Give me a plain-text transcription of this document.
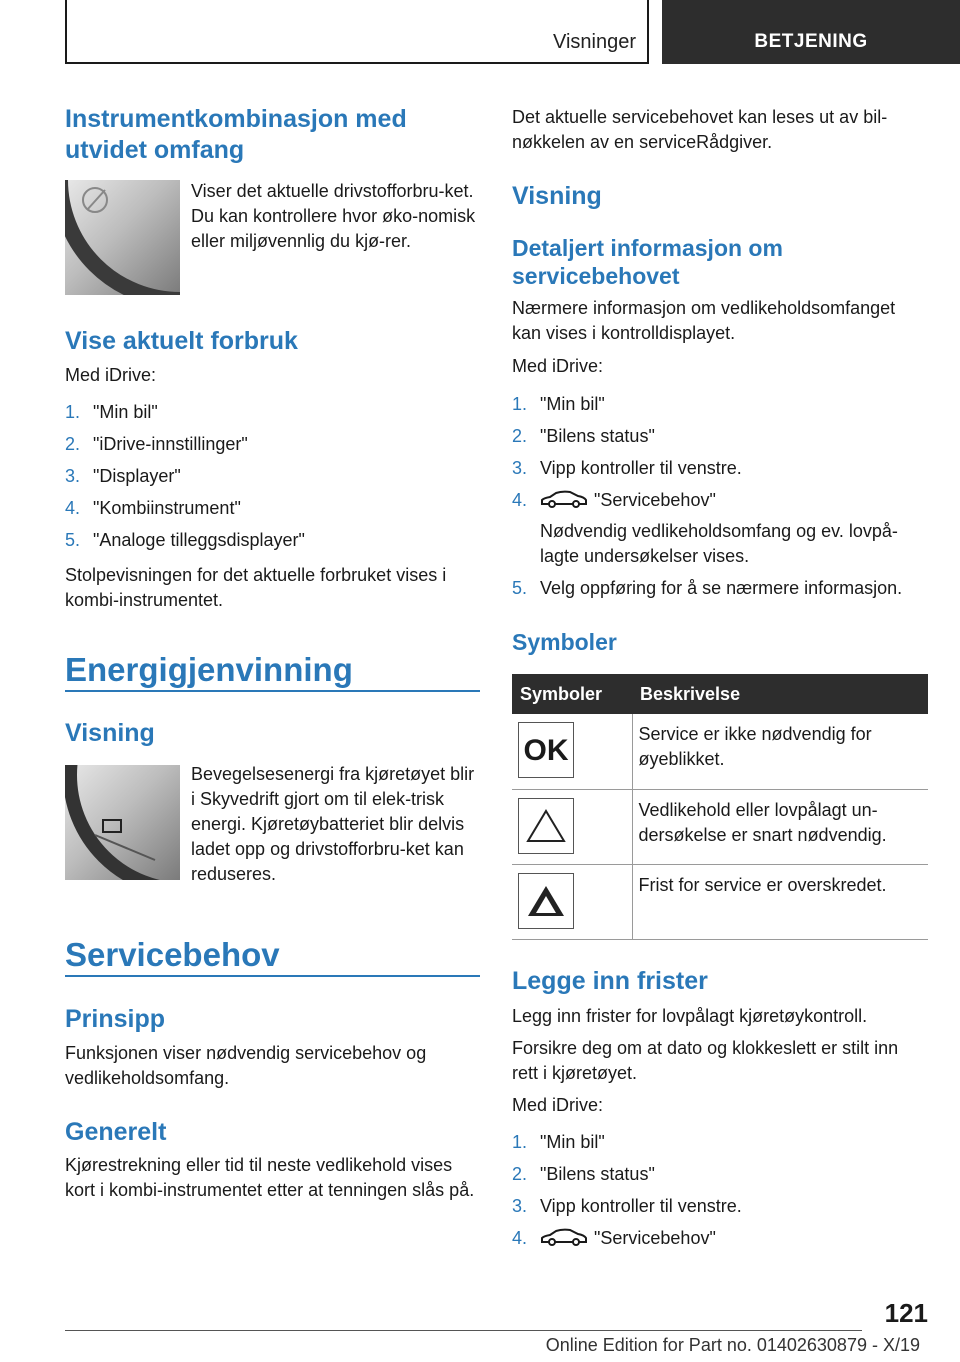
Visninger	BETJENING
Instrumentkombinasjon med utvidet omfang
Viser det aktuelle drivstofforbru-ket. Du kan kontrollere hvor øko-nomisk eller miljøvennlig du kjø-rer.
Vise aktuelt forbruk
Med iDrive:
1. "Min bil"
2. "iDrive-innstillinger"
3. "Displayer"
4. "Kombiinstrument"
5. "Analoge tilleggsdisplayer"
Stolpevisningen for det aktuelle forbruket vises i kombi-instrumentet.
Energigjenvinning
Visning
Bevegelsesenergi fra kjøretøyet blir i Skyvedrift gjort om til elek-trisk energi. Kjøretøybatteriet blir delvis ladet opp og drivstofforbru-ket kan reduseres.
Servicebehov
Prinsipp
Funksjonen viser nødvendig servicebehov og vedlikeholdsomfang.
Generelt
Kjørestrekning eller tid til neste vedlikehold vises kort i kombi-instrumentet etter at tenningen slås på.
Det aktuelle servicebehovet kan leses ut av bil-nøkkelen av en serviceRådgiver.
Visning
Detaljert informasjon om servicebehovet
Nærmere informasjon om vedlikeholdsomfanget kan vises i kontrolldisplayet.
Med iDrive:
1. "Min bil"
2. "Bilens status"
3. Vipp kontroller til venstre.
4.	"Servicebehov"
Nødvendig vedlikeholdsomfang og ev. lovpå-lagte undersøkelser vises.
5. Velg oppføring for å se nærmere informasjon.
Symboler
Symboler	Beskrivelse

OK	Service er ikke nødvendig for øyeblikket.

	Vedlikehold eller lovpålagt un-dersøkelse er snart nødvendig.

	Frist for service er overskredet.
Legge inn frister
Legg inn frister for lovpålagt kjøretøykontroll.
Forsikre deg om at dato og klokkeslett er stilt inn rett i kjøretøyet.
Med iDrive:
1. "Min bil"
2. "Bilens status"
3. Vipp kontroller til venstre.
4.	"Servicebehov"
121
Online Edition for Part no. 01402630879 - X/19
